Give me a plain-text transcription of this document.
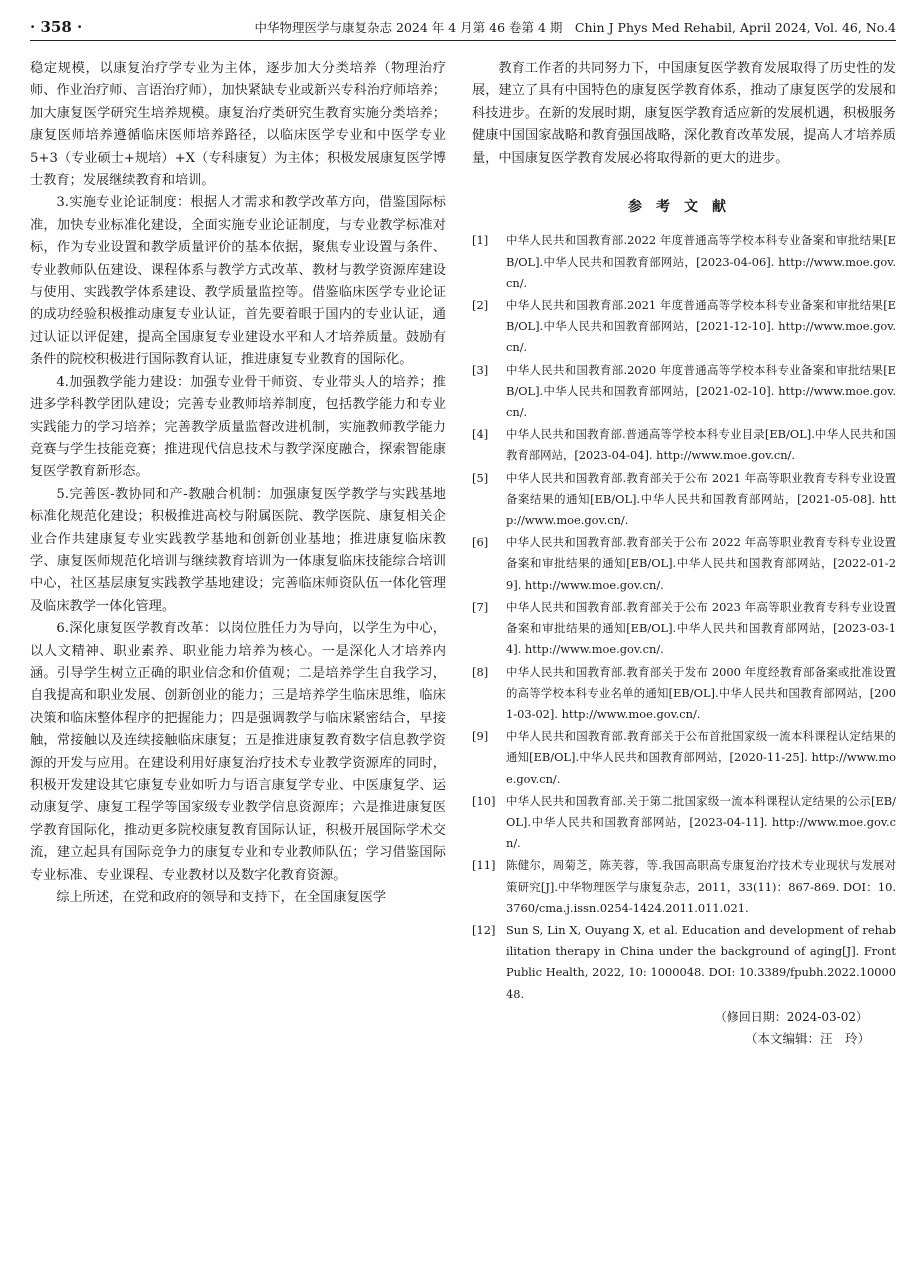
· 358 ·	中华物理医学与康复杂志 2024 年 4 月第 46 卷第 4 期　Chin J Phys Med Rehabil, April 2024, Vol. 46, No.4

稳定规模，以康复治疗学专业为主体，逐步加大分类培养（物理治疗师、作业治疗师、言语治疗师），加快紧缺专业或新兴专科治疗师培养；加大康复医学研究生培养规模。康复治疗类研究生教育实施分类培养；康复医师培养遵循临床医师培养路径，以临床医学专业和中医学专业 5+3（专业硕士+规培）+X（专科康复）为主体；积极发展康复医学博士教育；发展继续教育和培训。

3.实施专业论证制度：根据人才需求和教学改革方向，借鉴国际标准，加快专业标准化建设，全面实施专业论证制度，与专业教学标准对标，作为专业设置和教学质量评价的基本依据，聚焦专业设置与条件、专业教师队伍建设、课程体系与教学方式改革、教材与教学资源库建设与使用、实践教学体系建设、教学质量监控等。借鉴临床医学专业论证的成功经验积极推动康复专业认证，首先要着眼于国内的专业认证，通过认证以评促建，提高全国康复专业建设水平和人才培养质量。鼓励有条件的院校积极进行国际教育认证，推进康复专业教育的国际化。

4.加强教学能力建设：加强专业骨干师资、专业带头人的培养；推进多学科教学团队建设；完善专业教师培养制度，包括教学能力和专业实践能力的学习培养；完善教学质量监督改进机制，实施教师教学能力竞赛与学生技能竞赛；推进现代信息技术与教学深度融合，探索智能康复医学教育新形态。

5.完善医-教协同和产-教融合机制：加强康复医学教学与实践基地标准化规范化建设；积极推进高校与附属医院、教学医院、康复相关企业合作共建康复专业实践教学基地和创新创业基地；推进康复临床教学、康复医师规范化培训与继续教育培训为一体康复临床技能综合培训中心，社区基层康复实践教学基地建设；完善临床师资队伍一体化管理及临床教学一体化管理。

6.深化康复医学教育改革：以岗位胜任力为导向，以学生为中心，以人文精神、职业素养、职业能力培养为核心。一是深化人才培养内涵。引导学生树立正确的职业信念和价值观；二是培养学生自我学习，自我提高和职业发展、创新创业的能力；三是培养学生临床思维，临床决策和临床整体程序的把握能力；四是强调教学与临床紧密结合，早接触，常接触以及连续接触临床康复；五是推进康复教育数字信息教学资源的开发与应用。在建设利用好康复治疗技术专业教学资源库的同时，积极开发建设其它康复专业如听力与语言康复学专业、中医康复学、运动康复学、康复工程学等国家级专业教学信息资源库；六是推进康复医学教育国际化，推动更多院校康复教育国际认证，积极开展国际学术交流，建立起具有国际竞争力的康复专业和专业教师队伍；学习借鉴国际专业标准、专业课程、专业教材以及数字化教育资源。

综上所述，在党和政府的领导和支持下，在全国康复医学

教育工作者的共同努力下，中国康复医学教育发展取得了历史性的发展，建立了具有中国特色的康复医学教育体系，推动了康复医学的发展和科技进步。在新的发展时期，康复医学教育适应新的发展机遇，积极服务健康中国国家战略和教育强国战略，深化教育改革发展，提高人才培养质量，中国康复医学教育发展必将取得新的更大的进步。

参考文献
[1]	中华人民共和国教育部.2022 年度普通高等学校本科专业备案和审批结果[EB/OL].中华人民共和国教育部网站，[2023-04-06]. http://www.moe.gov.cn/.
[2]	中华人民共和国教育部.2021 年度普通高等学校本科专业备案和审批结果[EB/OL].中华人民共和国教育部网站，[2021-12-10]. http://www.moe.gov.cn/.
[3]	中华人民共和国教育部.2020 年度普通高等学校本科专业备案和审批结果[EB/OL].中华人民共和国教育部网站，[2021-02-10]. http://www.moe.gov.cn/.
[4]	中华人民共和国教育部.普通高等学校本科专业目录[EB/OL].中华人民共和国教育部网站，[2023-04-04]. http://www.moe.gov.cn/.
[5]	中华人民共和国教育部.教育部关于公布 2021 年高等职业教育专科专业设置备案结果的通知[EB/OL].中华人民共和国教育部网站，[2021-05-08]. http://www.moe.gov.cn/.
[6]	中华人民共和国教育部.教育部关于公布 2022 年高等职业教育专科专业设置备案和审批结果的通知[EB/OL].中华人民共和国教育部网站，[2022-01-29]. http://www.moe.gov.cn/.
[7]	中华人民共和国教育部.教育部关于公布 2023 年高等职业教育专科专业设置备案和审批结果的通知[EB/OL].中华人民共和国教育部网站，[2023-03-14]. http://www.moe.gov.cn/.
[8]	中华人民共和国教育部.教育部关于发布 2000 年度经教育部备案或批准设置的高等学校本科专业名单的通知[EB/OL].中华人民共和国教育部网站，[2001-03-02]. http://www.moe.gov.cn/.
[9]	中华人民共和国教育部.教育部关于公布首批国家级一流本科课程认定结果的通知[EB/OL].中华人民共和国教育部网站，[2020-11-25]. http://www.moe.gov.cn/.
[10] 中华人民共和国教育部.关于第二批国家级一流本科课程认定结果的公示[EB/OL].中华人民共和国教育部网站，[2023-04-11]. http://www.moe.gov.cn/.
[11] 陈健尔，周菊芝，陈芙蓉，等.我国高职高专康复治疗技术专业现状与发展对策研究[J].中华物理医学与康复杂志，2011，33(11)：867-869. DOI：10.3760/cma.j.issn.0254-1424.2011.011.021.
[12] Sun S, Lin X, Ouyang X, et al. Education and development of rehabilitation therapy in China under the background of aging[J]. Front Public Health, 2022, 10: 1000048. DOI: 10.3389/fpubh.2022.1000048.
（修回日期：2024-03-02）
（本文编辑：汪　玲）
